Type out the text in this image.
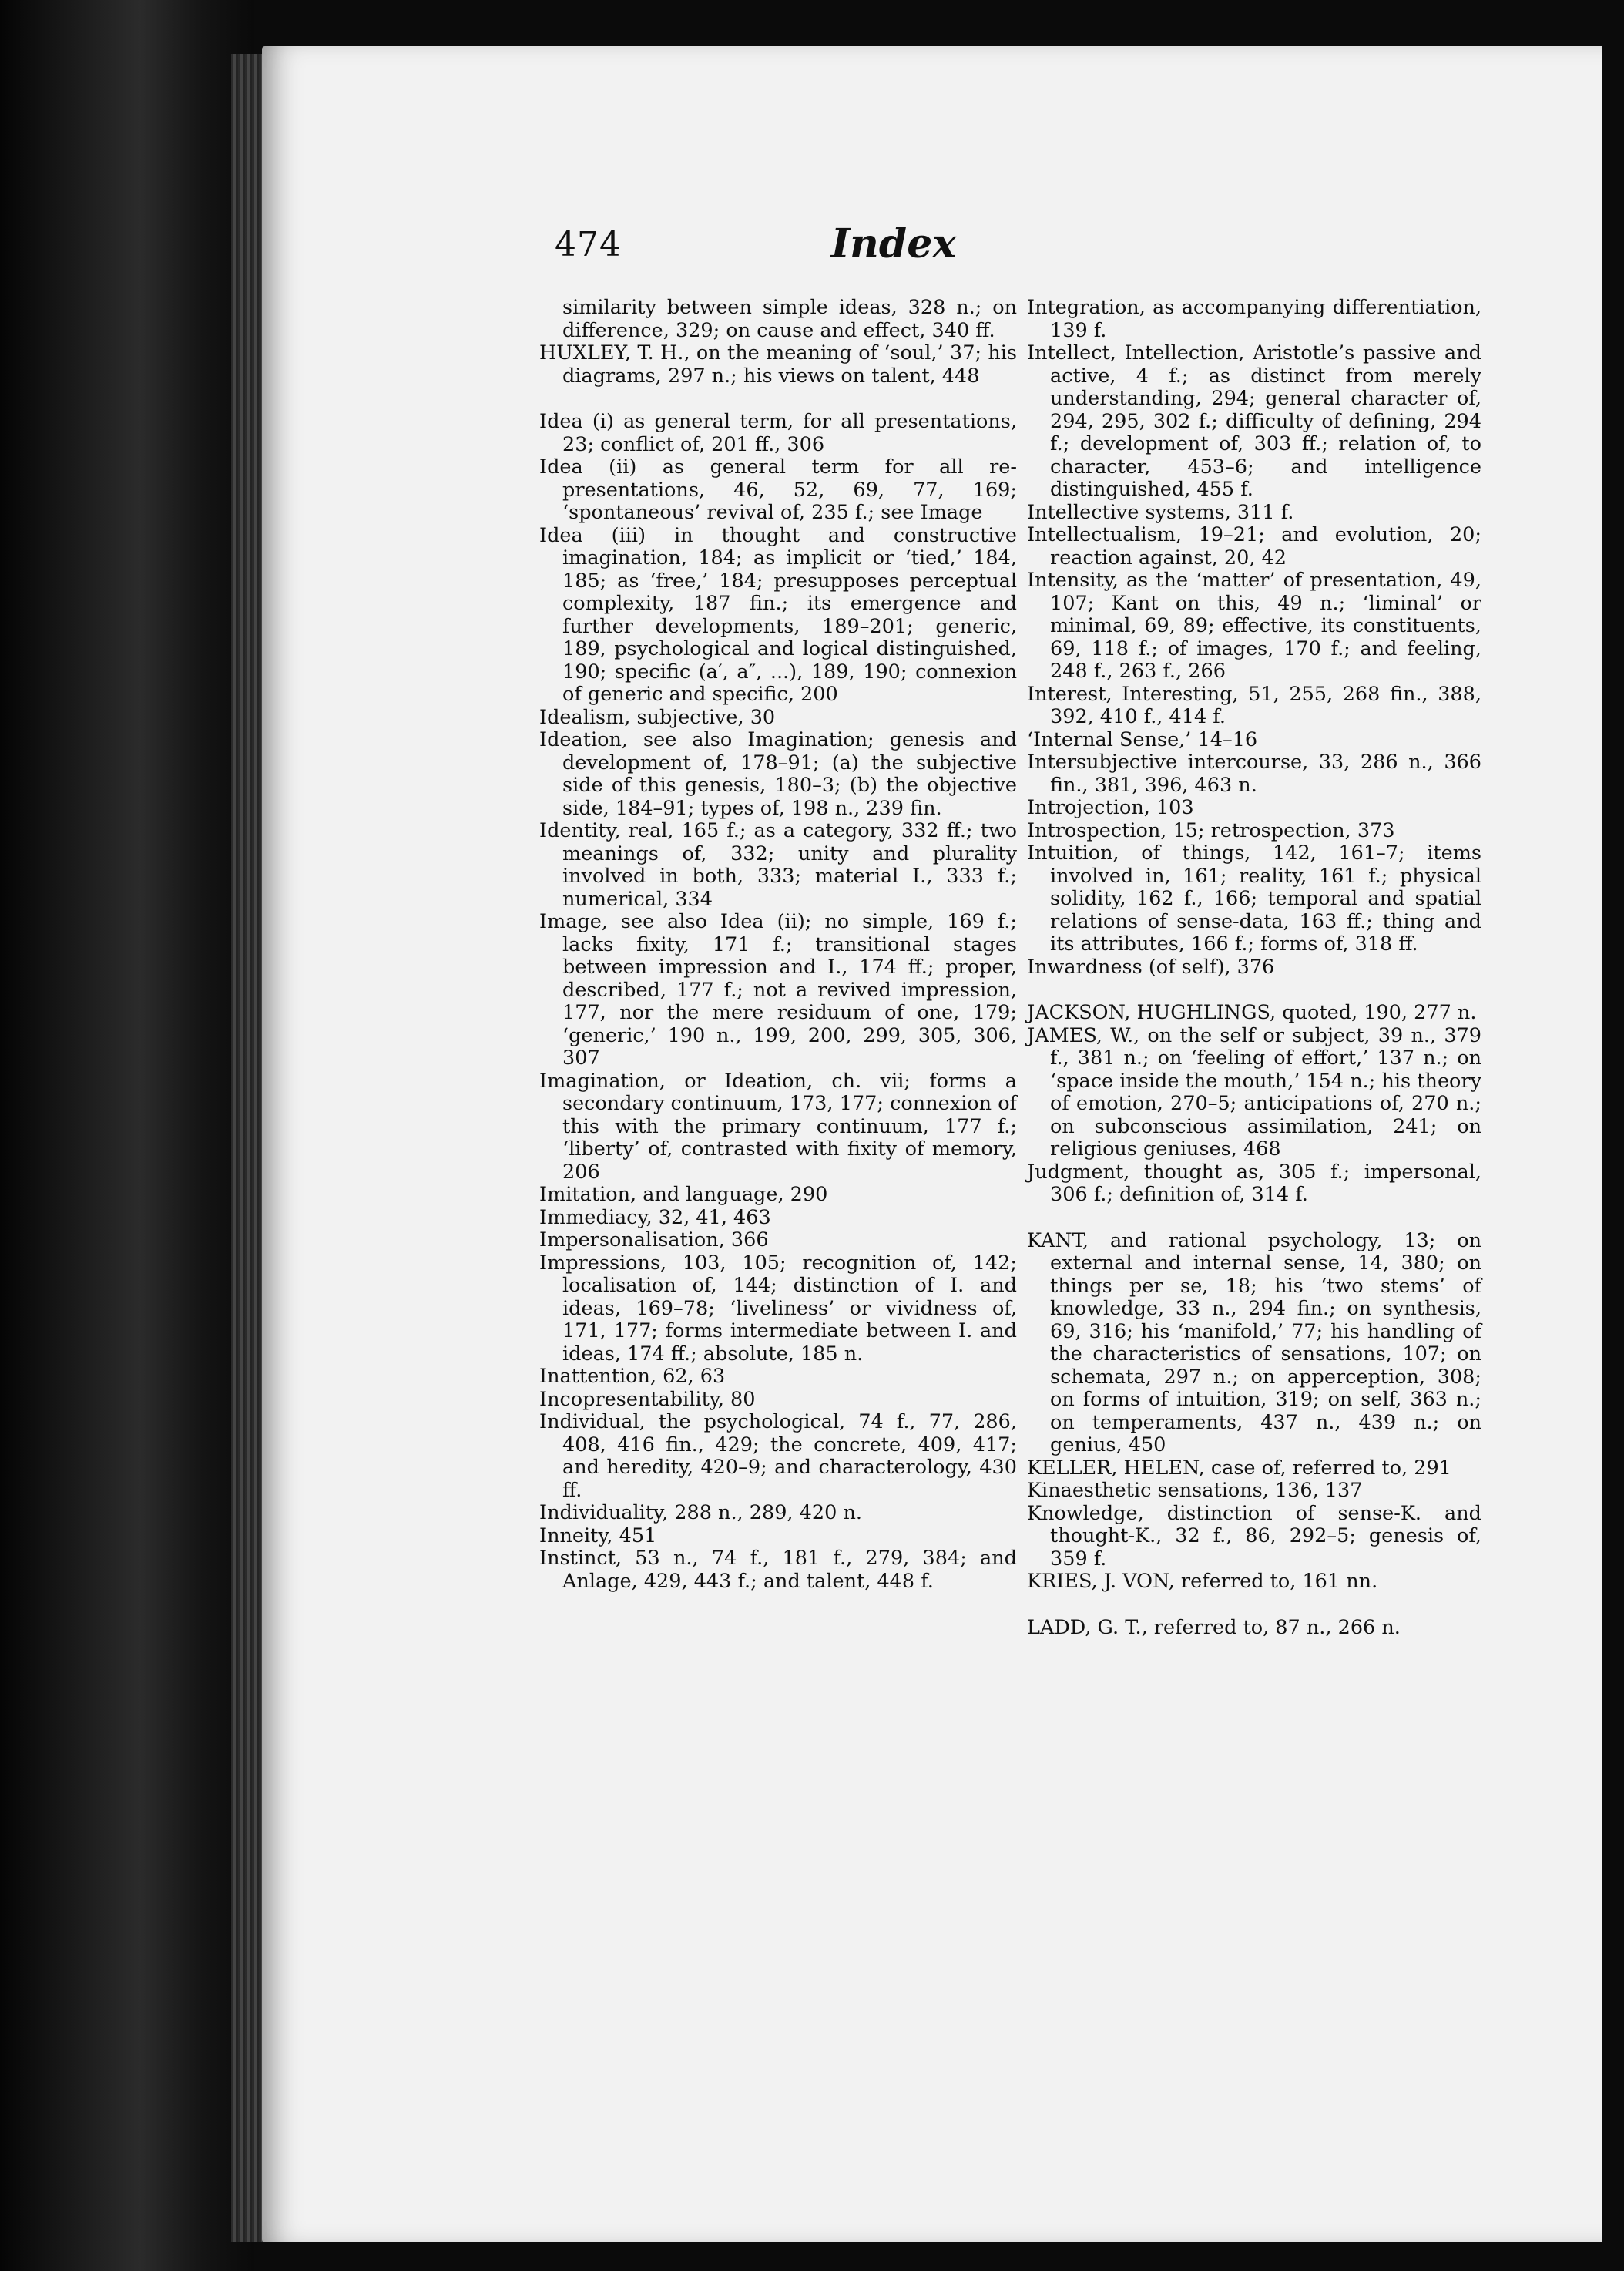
474	Index

similarity between simple ideas, 328 n.; on difference, 329; on cause and effect, 340 ff.

HUXLEY, T. H., on the meaning of ‘soul,’ 37; his diagrams, 297 n.; his views on talent, 448

Idea (i) as general term, for all presentations, 23; conflict of, 201 ff., 306

Idea (ii) as general term for all re-presentations, 46, 52, 69, 77, 169; ‘spontaneous’ revival of, 235 f.; see Image

Idea (iii) in thought and constructive imagination, 184; as implicit or ‘tied,’ 184, 185; as ‘free,’ 184; presupposes perceptual complexity, 187 fin.; its emergence and further developments, 189–201; generic, 189, psychological and logical distinguished, 190; specific (a′, a″, ...), 189, 190; connexion of generic and specific, 200

Idealism, subjective, 30

Ideation, see also Imagination; genesis and development of, 178–91; (a) the subjective side of this genesis, 180–3; (b) the objective side, 184–91; types of, 198 n., 239 fin.

Identity, real, 165 f.; as a category, 332 ff.; two meanings of, 332; unity and plurality involved in both, 333; material I., 333 f.; numerical, 334

Image, see also Idea (ii); no simple, 169 f.; lacks fixity, 171 f.; transitional stages between impression and I., 174 ff.; proper, described, 177 f.; not a revived impression, 177, nor the mere residuum of one, 179; ‘generic,’ 190 n., 199, 200, 299, 305, 306, 307

Imagination, or Ideation, ch. vii; forms a secondary continuum, 173, 177; connexion of this with the primary continuum, 177 f.; ‘liberty’ of, contrasted with fixity of memory, 206

Imitation, and language, 290

Immediacy, 32, 41, 463

Impersonalisation, 366

Impressions, 103, 105; recognition of, 142; localisation of, 144; distinction of I. and ideas, 169–78; ‘liveliness’ or vividness of, 171, 177; forms intermediate between I. and ideas, 174 ff.; absolute, 185 n.

Inattention, 62, 63

Incopresentability, 80

Individual, the psychological, 74 f., 77, 286, 408, 416 fin., 429; the concrete, 409, 417; and heredity, 420–9; and characterology, 430 ff.

Individuality, 288 n., 289, 420 n.

Inneity, 451

Instinct, 53 n., 74 f., 181 f., 279, 384; and Anlage, 429, 443 f.; and talent, 448 f.

Integration, as accompanying differentiation, 139 f.

Intellect, Intellection, Aristotle’s passive and active, 4 f.; as distinct from merely understanding, 294; general character of, 294, 295, 302 f.; difficulty of defining, 294 f.; development of, 303 ff.; relation of, to character, 453–6; and intelligence distinguished, 455 f.

Intellective systems, 311 f.

Intellectualism, 19–21; and evolution, 20; reaction against, 20, 42

Intensity, as the ‘matter’ of presentation, 49, 107; Kant on this, 49 n.; ‘liminal’ or minimal, 69, 89; effective, its constituents, 69, 118 f.; of images, 170 f.; and feeling, 248 f., 263 f., 266

Interest, Interesting, 51, 255, 268 fin., 388, 392, 410 f., 414 f.

‘Internal Sense,’ 14–16

Intersubjective intercourse, 33, 286 n., 366 fin., 381, 396, 463 n.

Introjection, 103

Introspection, 15; retrospection, 373

Intuition, of things, 142, 161–7; items involved in, 161; reality, 161 f.; physical solidity, 162 f., 166; temporal and spatial relations of sense-data, 163 ff.; thing and its attributes, 166 f.; forms of, 318 ff.

Inwardness (of self), 376

JACKSON, HUGHLINGS, quoted, 190, 277 n.

JAMES, W., on the self or subject, 39 n., 379 f., 381 n.; on ‘feeling of effort,’ 137 n.; on ‘space inside the mouth,’ 154 n.; his theory of emotion, 270–5; anticipations of, 270 n.; on subconscious assimilation, 241; on religious geniuses, 468

Judgment, thought as, 305 f.; impersonal, 306 f.; definition of, 314 f.

KANT, and rational psychology, 13; on external and internal sense, 14, 380; on things per se, 18; his ‘two stems’ of knowledge, 33 n., 294 fin.; on synthesis, 69, 316; his ‘manifold,’ 77; his handling of the characteristics of sensations, 107; on schemata, 297 n.; on apperception, 308; on forms of intuition, 319; on self, 363 n.; on temperaments, 437 n., 439 n.; on genius, 450

KELLER, HELEN, case of, referred to, 291

Kinaesthetic sensations, 136, 137

Knowledge, distinction of sense-K. and thought-K., 32 f., 86, 292–5; genesis of, 359 f.

KRIES, J. VON, referred to, 161 nn.

LADD, G. T., referred to, 87 n., 266 n.
